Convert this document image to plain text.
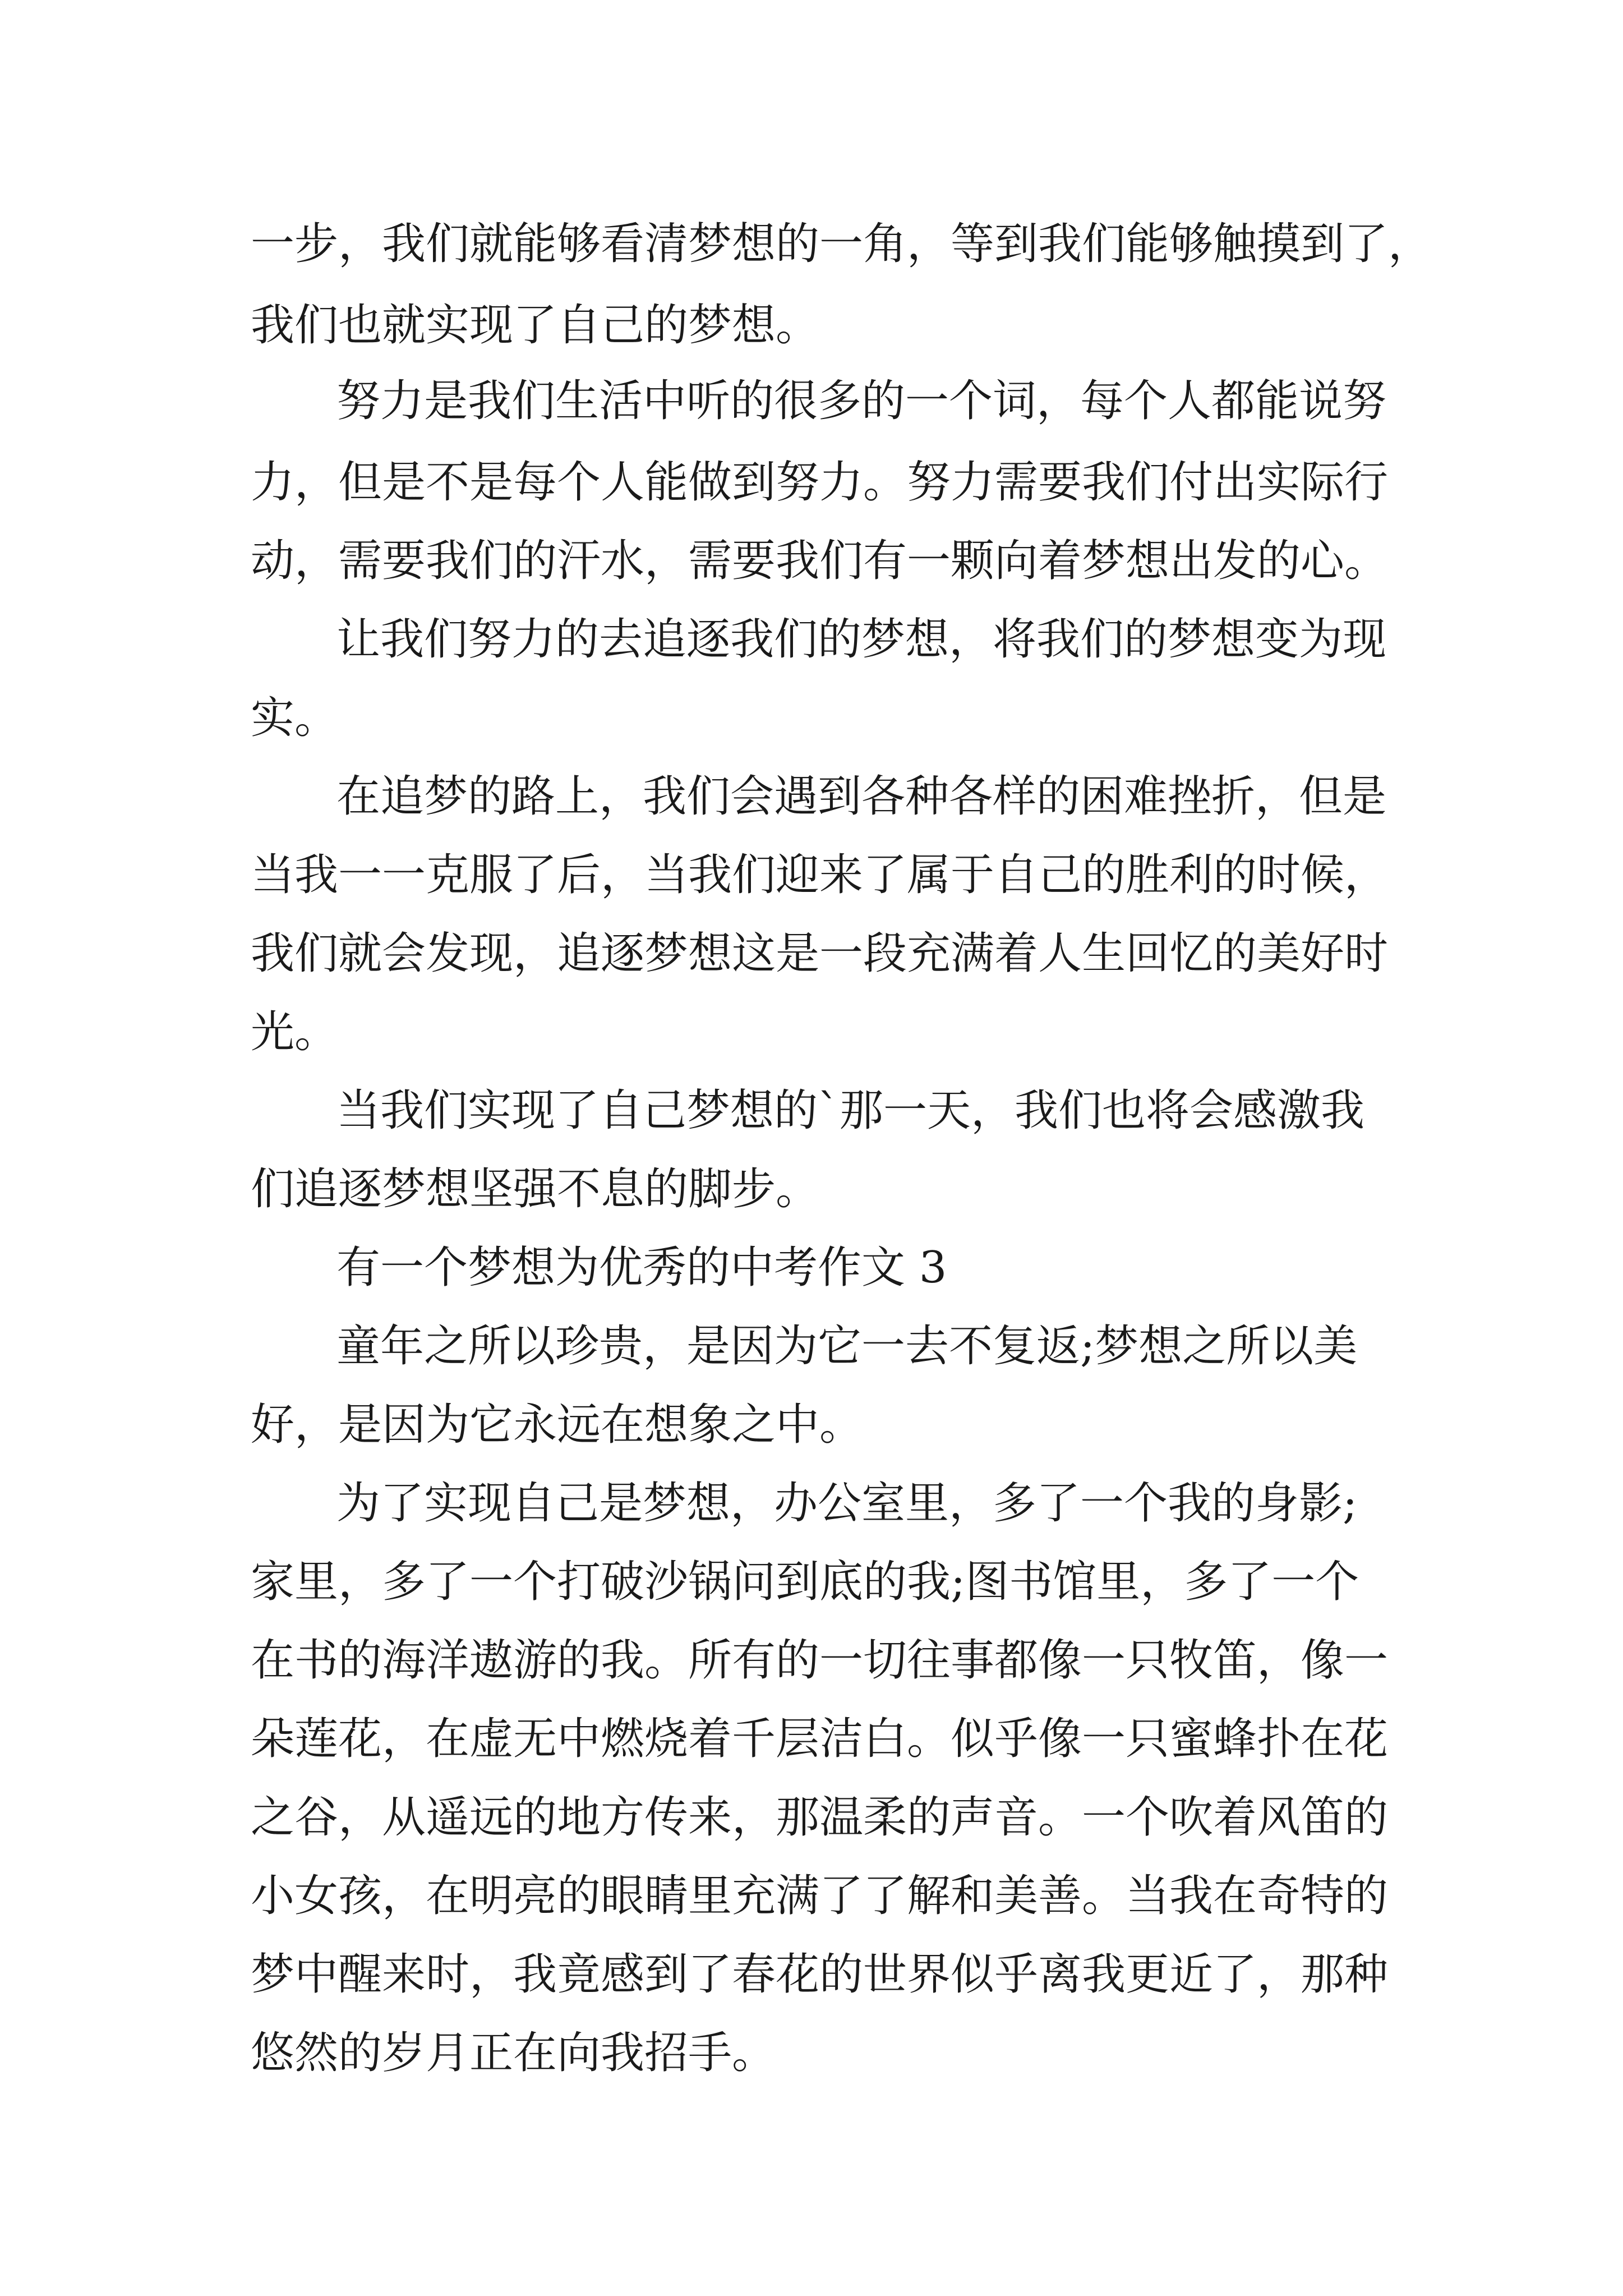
一步，我们就能够看清梦想的一角，等到我们能够触摸到了，
我们也就实现了自己的梦想。
努力是我们生活中听的很多的一个词，每个人都能说努
力，但是不是每个人能做到努力。努力需要我们付出实际行
动，需要我们的汗水，需要我们有一颗向着梦想出发的心。
让我们努力的去追逐我们的梦想，将我们的梦想变为现
实。
在追梦的路上，我们会遇到各种各样的困难挫折，但是
当我一一克服了后，当我们迎来了属于自己的胜利的时候，
我们就会发现，追逐梦想这是一段充满着人生回忆的美好时
光。
当我们实现了自己梦想的`那一天，我们也将会感激我
们追逐梦想坚强不息的脚步。
有一个梦想为优秀的中考作文 3
童年之所以珍贵，是因为它一去不复返;梦想之所以美
好，是因为它永远在想象之中。
为了实现自己是梦想，办公室里，多了一个我的身影;
家里，多了一个打破沙锅问到底的我;图书馆里，多了一个
在书的海洋遨游的我。所有的一切往事都像一只牧笛，像一
朵莲花，在虚无中燃烧着千层洁白。似乎像一只蜜蜂扑在花
之谷，从遥远的地方传来，那温柔的声音。一个吹着风笛的
小女孩，在明亮的眼睛里充满了了解和美善。当我在奇特的
梦中醒来时，我竟感到了春花的世界似乎离我更近了，那种
悠然的岁月正在向我招手。
